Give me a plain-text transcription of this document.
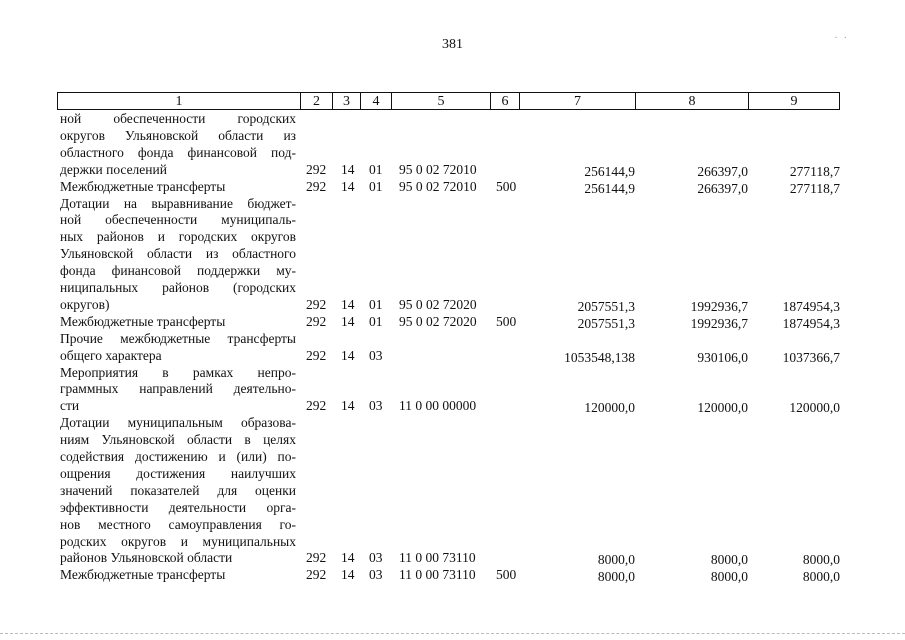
381	··
1	2	3	4	5	6	7	8	9
ной обеспеченности городских
округов Ульяновской области из
областного фонда финансовой под-
держки поселений	292 14 01 95 0 02 72010	256144,9	266397,0	277118,7
Межбюджетные трансферты	292 14 01 95 0 02 72010 500	256144,9	266397,0	277118,7
Дотации на выравнивание бюджет-
ной обеспеченности муниципаль-
ных районов и городских округов
Ульяновской области из областного
фонда финансовой поддержки му-
ниципальных районов (городских
округов)	292 14 01 95 0 02 72020	2057551,3	1992936,7	1874954,3
Межбюджетные трансферты	292 14 01 95 0 02 72020 500	2057551,3	1992936,7	1874954,3
Прочие межбюджетные трансферты
общего характера	292 14 03	1053548,138	930106,0	1037366,7
Мероприятия в рамках непро-
граммных направлений деятельно-
сти	292 14 03 11 0 00 00000	120000,0	120000,0	120000,0
Дотации муниципальным образова-
ниям Ульяновской области в целях
содействия достижению и (или) по-
ощрения достижения наилучших
значений показателей для оценки
эффективности деятельности орга-
нов местного самоуправления го-
родских округов и муниципальных
районов Ульяновской области	292 14 03 11 0 00 73110	8000,0	8000,0	8000,0
Межбюджетные трансферты	292 14 03 11 0 00 73110 500	8000,0	8000,0	8000,0
